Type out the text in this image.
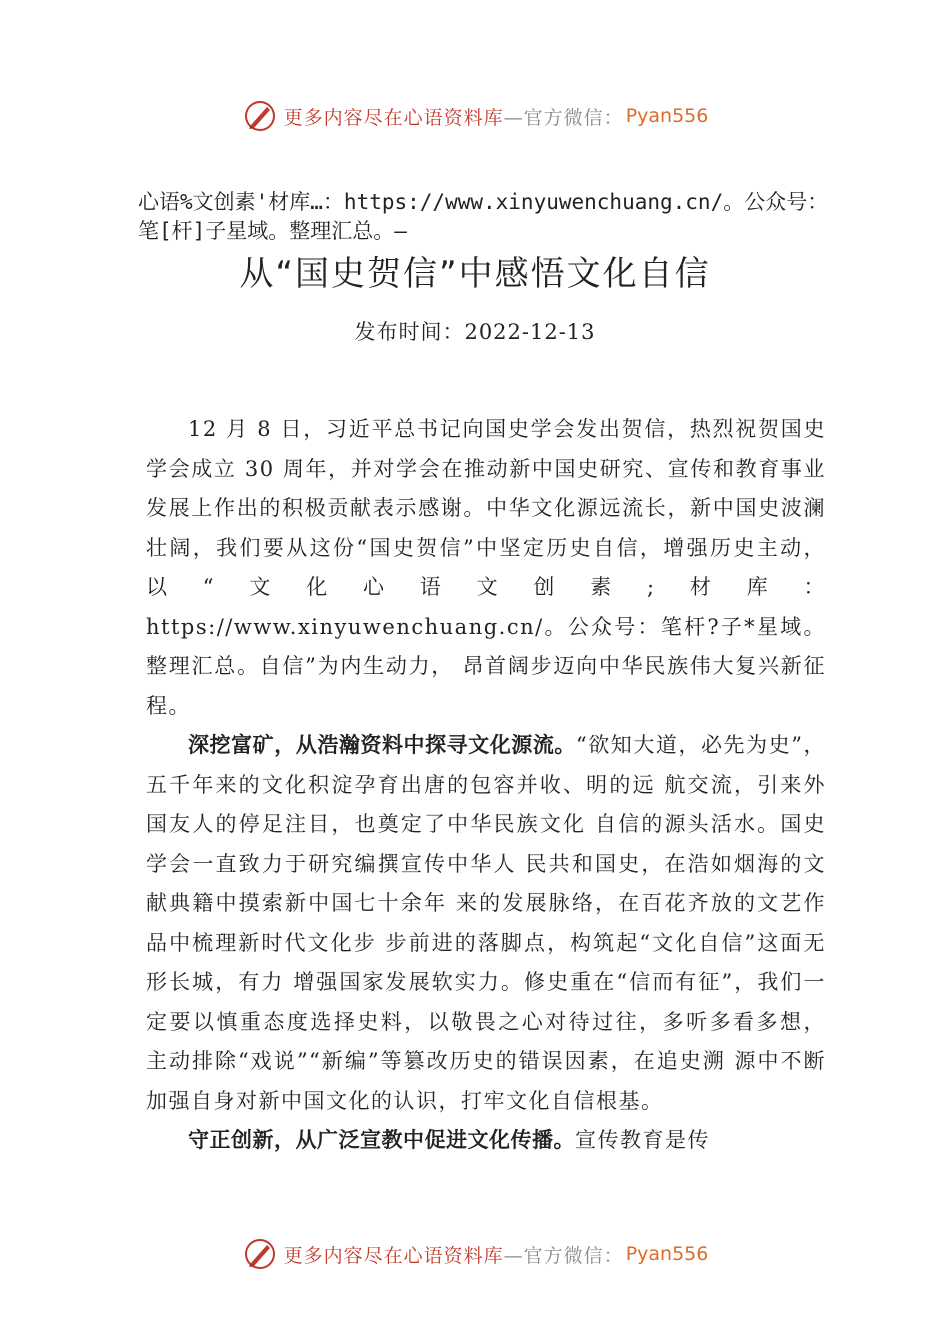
更多内容尽在心语资料库 —官方微信： Pyan556
心语%文创素'材库…：https://www.xinyuwenchuang.cn/。公众号：笔[杆]子星域。整理汇总。—
从“国史贺信”中感悟文化自信
发布时间：2022-12-13

12 月 8 日，习近平总书记向国史学会发出贺信，热烈祝贺国史学会成立 30 周年，并对学会在推动新中国史研究、宣传和教育事业发展上作出的积极贡献表示感谢。中华文化源远流长，新中国史波澜壮阔，我们要从这份“国史贺信”中坚定历史自信，增强历史主动，以“文化心语文创素;材库：https://www.xinyuwenchuang.cn/。公众号：笔杆?子*星域。整理汇总。自信”为内生动力， 昂首阔步迈向中华民族伟大复兴新征程。

深挖富矿，从浩瀚资料中探寻文化源流。“欲知大道，必先为史”，五千年来的文化积淀孕育出唐的包容并收、明的远 航交流，引来外国友人的停足注目，也奠定了中华民族文化 自信的源头活水。国史学会一直致力于研究编撰宣传中华人 民共和国史，在浩如烟海的文献典籍中摸索新中国七十余年 来的发展脉络，在百花齐放的文艺作品中梳理新时代文化步 步前进的落脚点，构筑起“文化自信”这面无形长城，有力 增强国家发展软实力。修史重在“信而有征”，我们一定要以慎重态度选择史料，以敬畏之心对待过往，多听多看多想， 主动排除“戏说”“新编”等篡改历史的错误因素，在追史溯 源中不断加强自身对新中国文化的认识，打牢文化自信根基。

守正创新，从广泛宣教中促进文化传播。宣传教育是传

更多内容尽在心语资料库 —官方微信： Pyan556
